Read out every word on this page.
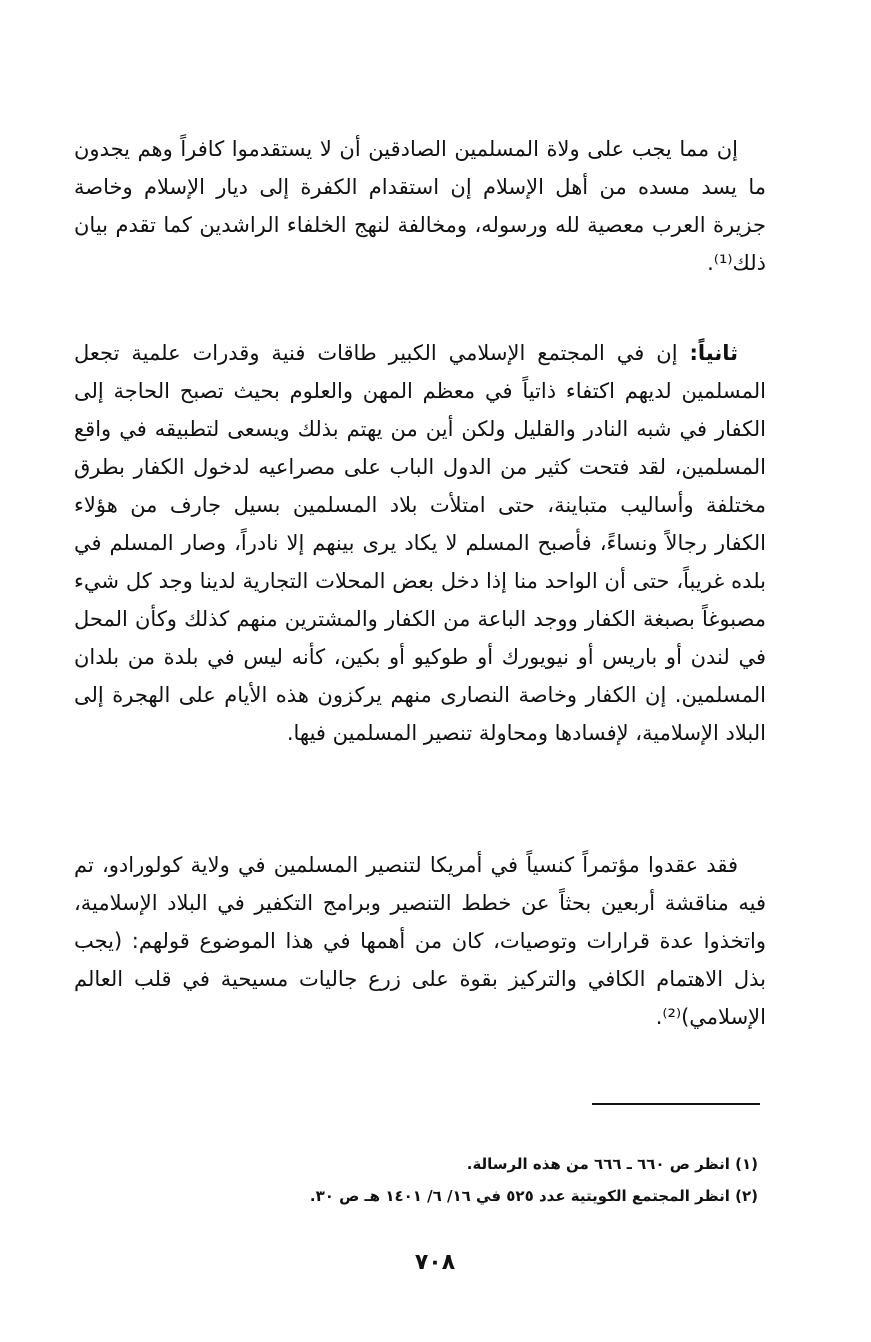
إن مما يجب على ولاة المسلمين الصادقين أن لا يستقدموا كافراً وهم يجدون ما يسد مسده من أهل الإسلام إن استقدام الكفرة إلى ديار الإسلام وخاصة جزيرة العرب معصية لله ورسوله، ومخالفة لنهج الخلفاء الراشدين كما تقدم بيان ذلك⁽¹⁾.

ثانياً: إن في المجتمع الإسلامي الكبير طاقات فنية وقدرات علمية تجعل المسلمين لديهم اكتفاء ذاتياً في معظم المهن والعلوم بحيث تصبح الحاجة إلى الكفار في شبه النادر والقليل ولكن أين من يهتم بذلك ويسعى لتطبيقه في واقع المسلمين، لقد فتحت كثير من الدول الباب على مصراعيه لدخول الكفار بطرق مختلفة وأساليب متباينة، حتى امتلأت بلاد المسلمين بسيل جارف من هؤلاء الكفار رجالاً ونساءً، فأصبح المسلم لا يكاد يرى بينهم إلا نادراً، وصار المسلم في بلده غريباً، حتى أن الواحد منا إذا دخل بعض المحلات التجارية لدينا وجد كل شيء مصبوغاً بصبغة الكفار ووجد الباعة من الكفار والمشترين منهم كذلك وكأن المحل في لندن أو باريس أو نيويورك أو طوكيو أو بكين، كأنه ليس في بلدة من بلدان المسلمين. إن الكفار وخاصة النصارى منهم يركزون هذه الأيام على الهجرة إلى البلاد الإسلامية، لإفسادها ومحاولة تنصير المسلمين فيها.

فقد عقدوا مؤتمراً كنسياً في أمريكا لتنصير المسلمين في ولاية كولورادو، تم فيه مناقشة أربعين بحثاً عن خطط التنصير وبرامج التكفير في البلاد الإسلامية، واتخذوا عدة قرارات وتوصيات، كان من أهمها في هذا الموضوع قولهم: (يجب بذل الاهتمام الكافي والتركيز بقوة على زرع جاليات مسيحية في قلب العالم الإسلامي)⁽²⁾.

(١) انظر ص ٦٦٠ ـ ٦٦٦ من هذه الرسالة.

(٢) انظر المجتمع الكويتية عدد ٥٢٥ في ١٦/ ٦/ ١٤٠١ هـ ص ٣٠.

٧٠٨
